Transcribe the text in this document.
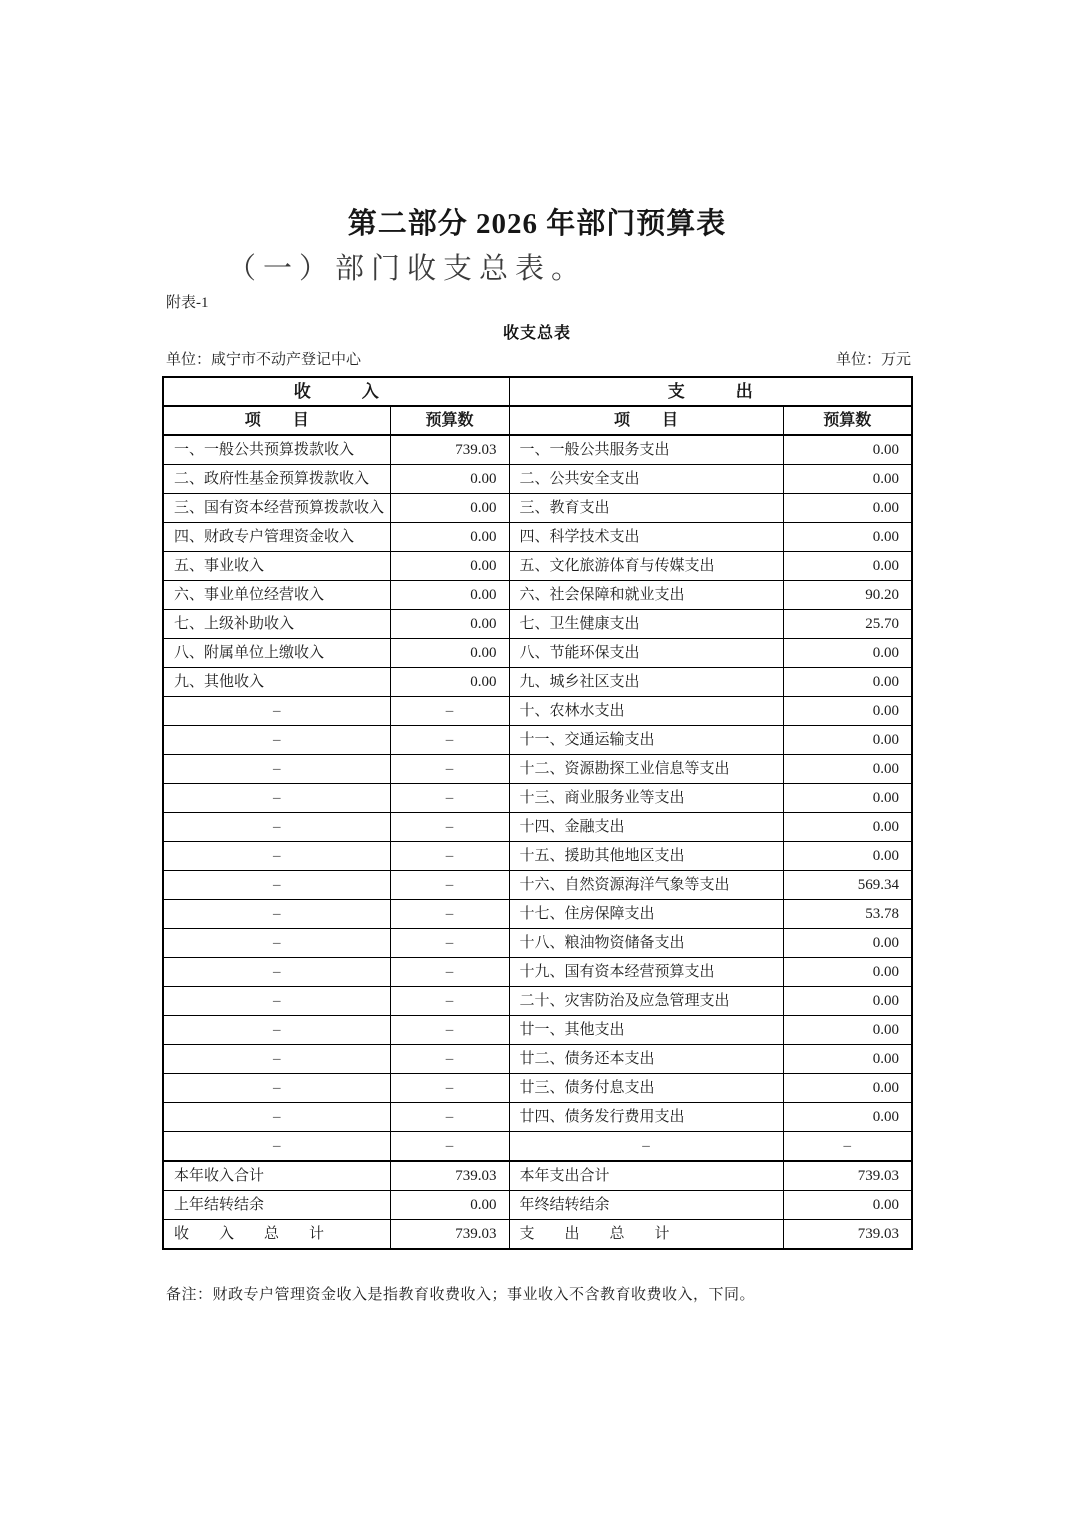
第二部分 2026 年部门预算表
（一）部门收支总表。
附表-1
收支总表
单位：咸宁市不动产登记中心	单位：万元
收　　　入		支　　　出	
项　　目	预算数	项　　目	预算数
一、一般公共预算拨款收入	739.03	一、一般公共服务支出	0.00
二、政府性基金预算拨款收入	0.00	二、公共安全支出	0.00
三、国有资本经营预算拨款收入	0.00	三、教育支出	0.00
四、财政专户管理资金收入	0.00	四、科学技术支出	0.00
五、事业收入	0.00	五、文化旅游体育与传媒支出	0.00
六、事业单位经营收入	0.00	六、社会保障和就业支出	90.20
七、上级补助收入	0.00	七、卫生健康支出	25.70
八、附属单位上缴收入	0.00	八、节能环保支出	0.00
九、其他收入	0.00	九、城乡社区支出	0.00
–	–	十、农林水支出	0.00
–	–	十一、交通运输支出	0.00
–	–	十二、资源勘探工业信息等支出	0.00
–	–	十三、商业服务业等支出	0.00
–	–	十四、金融支出	0.00
–	–	十五、援助其他地区支出	0.00
–	–	十六、自然资源海洋气象等支出	569.34
–	–	十七、住房保障支出	53.78
–	–	十八、粮油物资储备支出	0.00
–	–	十九、国有资本经营预算支出	0.00
–	–	二十、灾害防治及应急管理支出	0.00
–	–	廿一、其他支出	0.00
–	–	廿二、债务还本支出	0.00
–	–	廿三、债务付息支出	0.00
–	–	廿四、债务发行费用支出	0.00
–	–	–	–
本年收入合计	739.03	本年支出合计	739.03
上年结转结余	0.00	年终结转结余	0.00
收　　入　　总　　计	739.03	支　　出　　总　　计	739.03
备注：财政专户管理资金收入是指教育收费收入；事业收入不含教育收费收入，下同。
